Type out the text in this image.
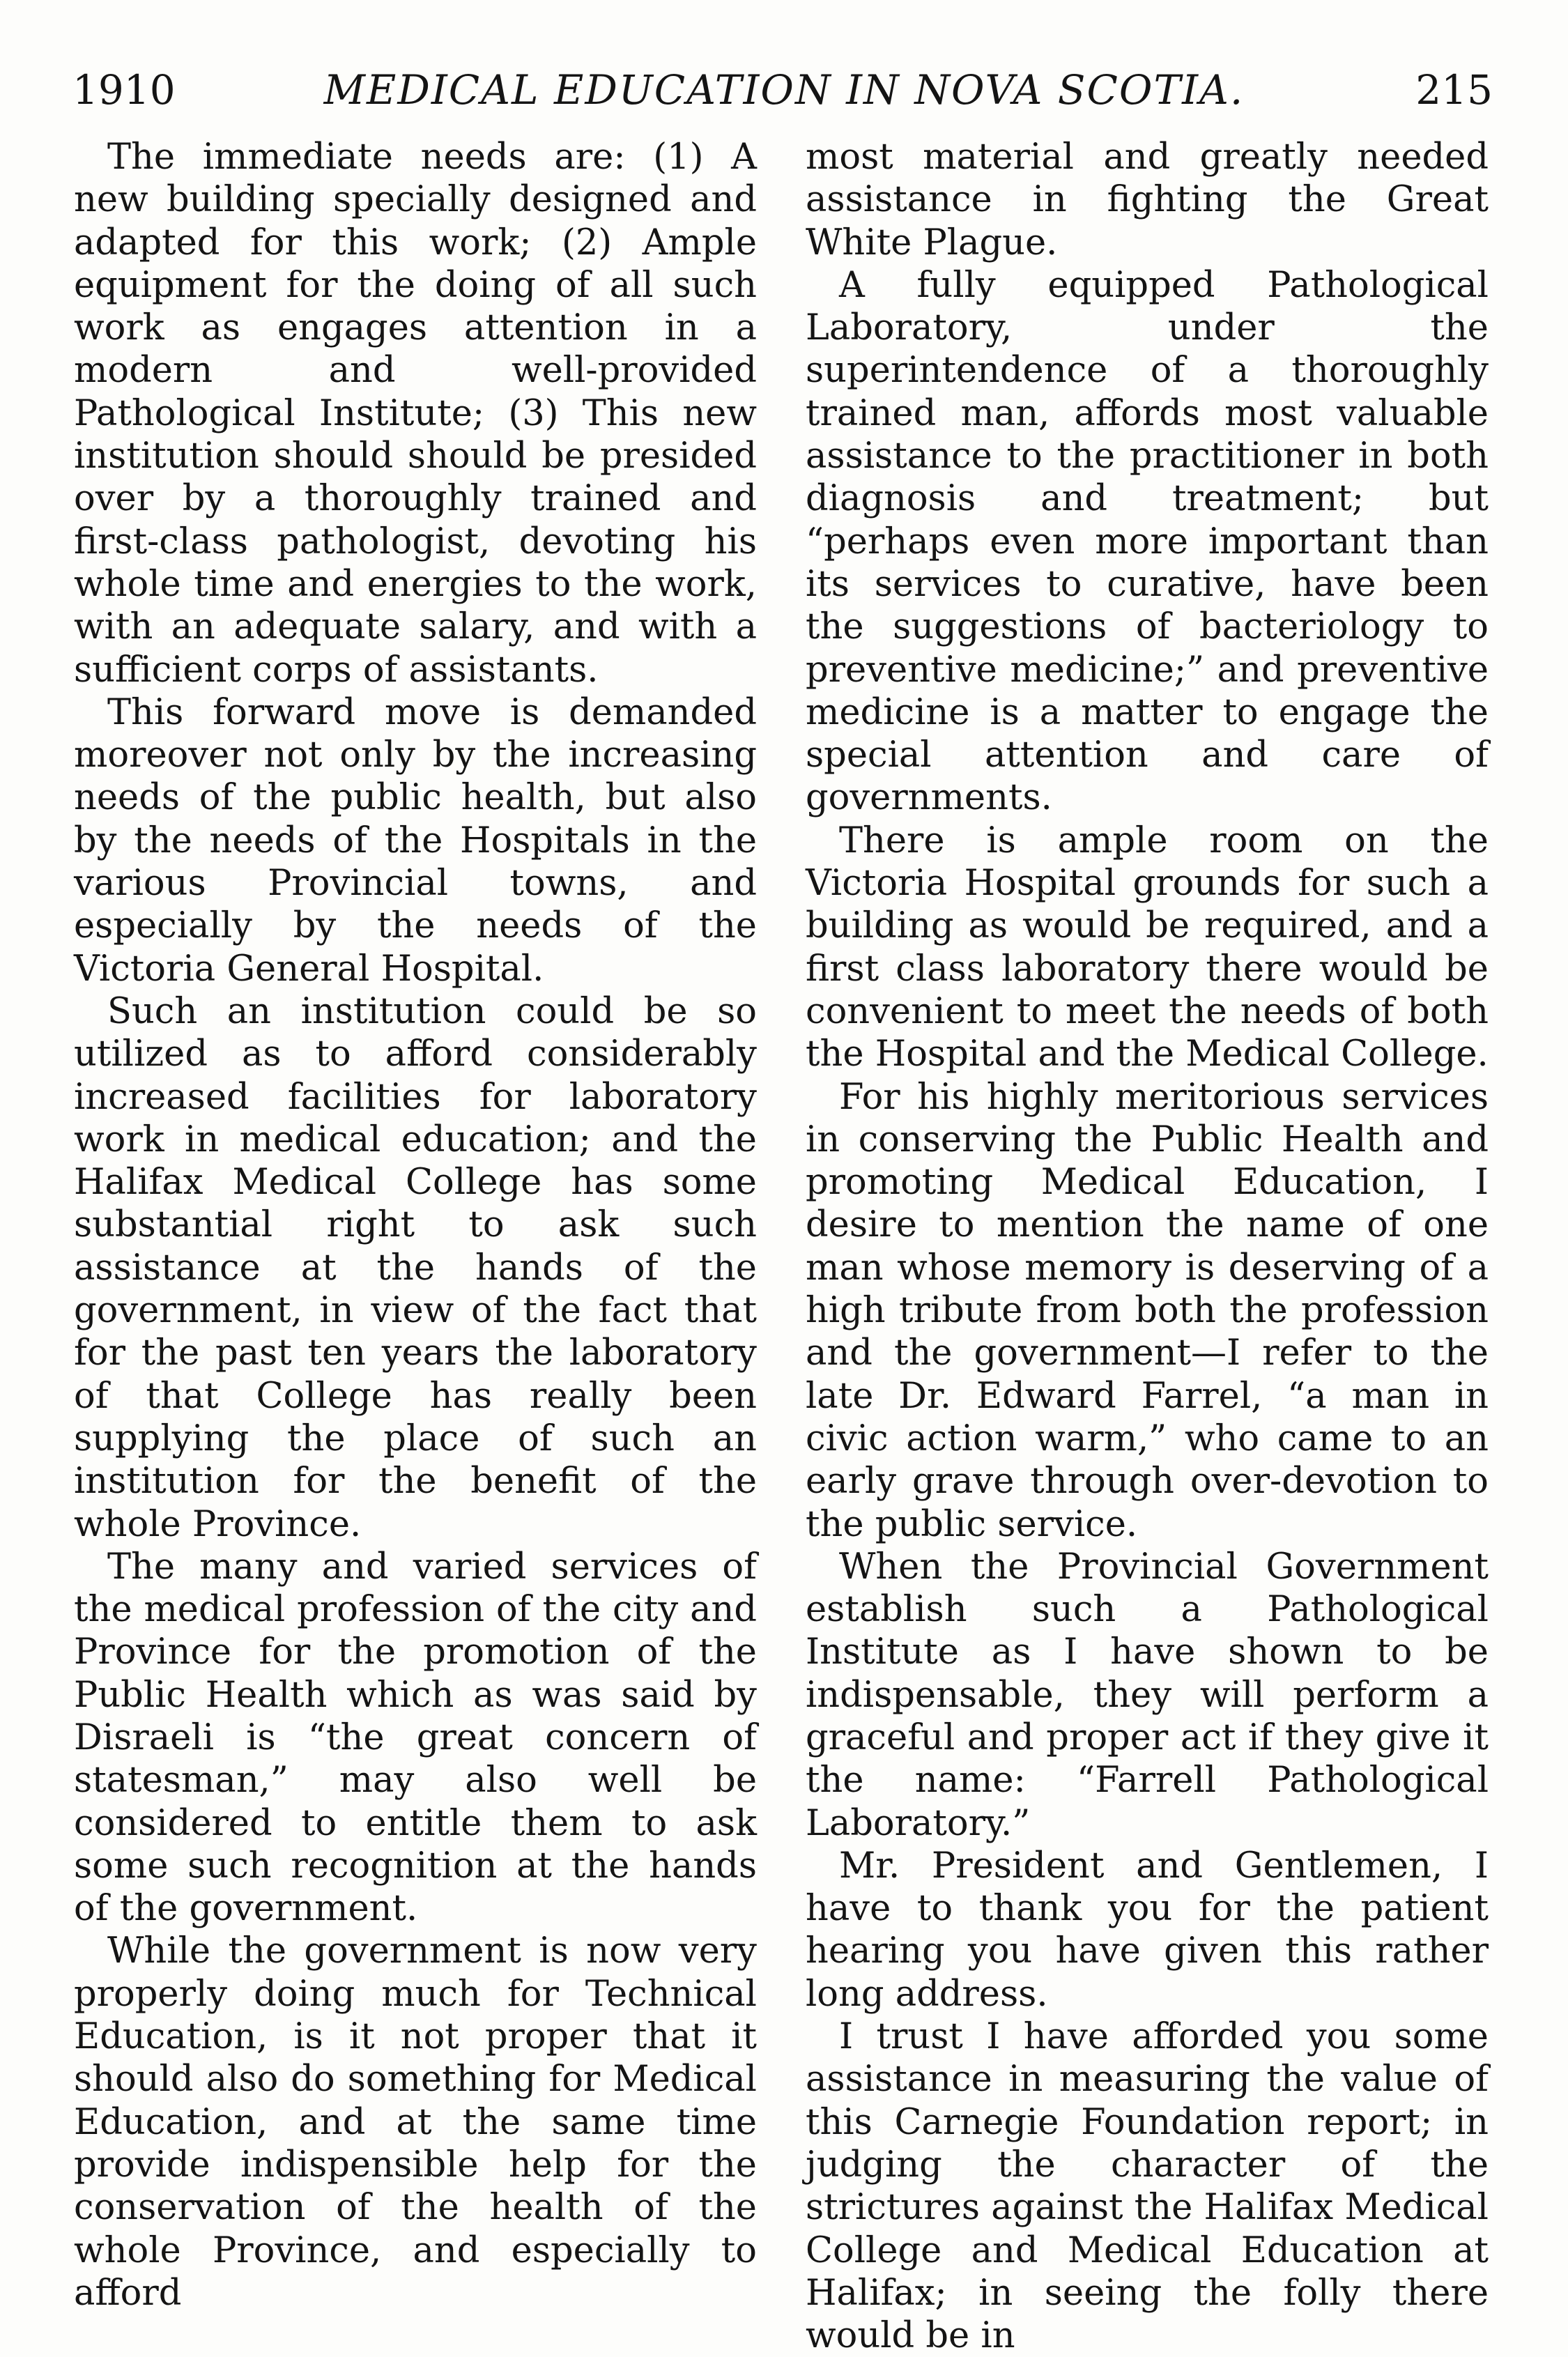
1910	MEDICAL EDUCATION IN NOVA SCOTIA.	215

The immediate needs are: (1) A new building specially designed and adapted for this work; (2) Ample equipment for the doing of all such work as engages attention in a modern and well-provided Pathological Institute; (3) This new institution should should be presided over by a thoroughly trained and first-class pathologist, devoting his whole time and energies to the work, with an adequate salary, and with a sufficient corps of assistants.

This forward move is demanded moreover not only by the increasing needs of the public health, but also by the needs of the Hospitals in the various Provincial towns, and especially by the needs of the Victoria General Hospital.

Such an institution could be so utilized as to afford considerably increased facilities for laboratory work in medical education; and the Halifax Medical College has some substantial right to ask such assistance at the hands of the government, in view of the fact that for the past ten years the laboratory of that College has really been supplying the place of such an institution for the benefit of the whole Province.

The many and varied services of the medical profession of the city and Province for the promotion of the Public Health which as was said by Disraeli is “the great concern of statesman,” may also well be considered to entitle them to ask some such recognition at the hands of the government.

While the government is now very properly doing much for Technical Education, is it not proper that it should also do something for Medical Education, and at the same time provide indispensible help for the conservation of the health of the whole Province, and especially to afford

most material and greatly needed assistance in fighting the Great White Plague.

A fully equipped Pathological Laboratory, under the superintendence of a thoroughly trained man, affords most valuable assistance to the practitioner in both diagnosis and treatment; but “perhaps even more important than its services to curative, have been the suggestions of bacteriology to preventive medicine;” and preventive medicine is a matter to engage the special attention and care of governments.

There is ample room on the Victoria Hospital grounds for such a building as would be required, and a first class laboratory there would be convenient to meet the needs of both the Hospital and the Medical College.

For his highly meritorious services in conserving the Public Health and promoting Medical Education, I desire to mention the name of one man whose memory is deserving of a high tribute from both the profession and the government—I refer to the late Dr. Edward Farrel, “a man in civic action warm,” who came to an early grave through over-devotion to the public service.

When the Provincial Government establish such a Pathological Institute as I have shown to be indispensable, they will perform a graceful and proper act if they give it the name: “Farrell Pathological Laboratory.”

Mr. President and Gentlemen, I have to thank you for the patient hearing you have given this rather long address.

I trust I have afforded you some assistance in measuring the value of this Carnegie Foundation report; in judging the character of the strictures against the Halifax Medical College and Medical Education at Halifax; in seeing the folly there would be in
